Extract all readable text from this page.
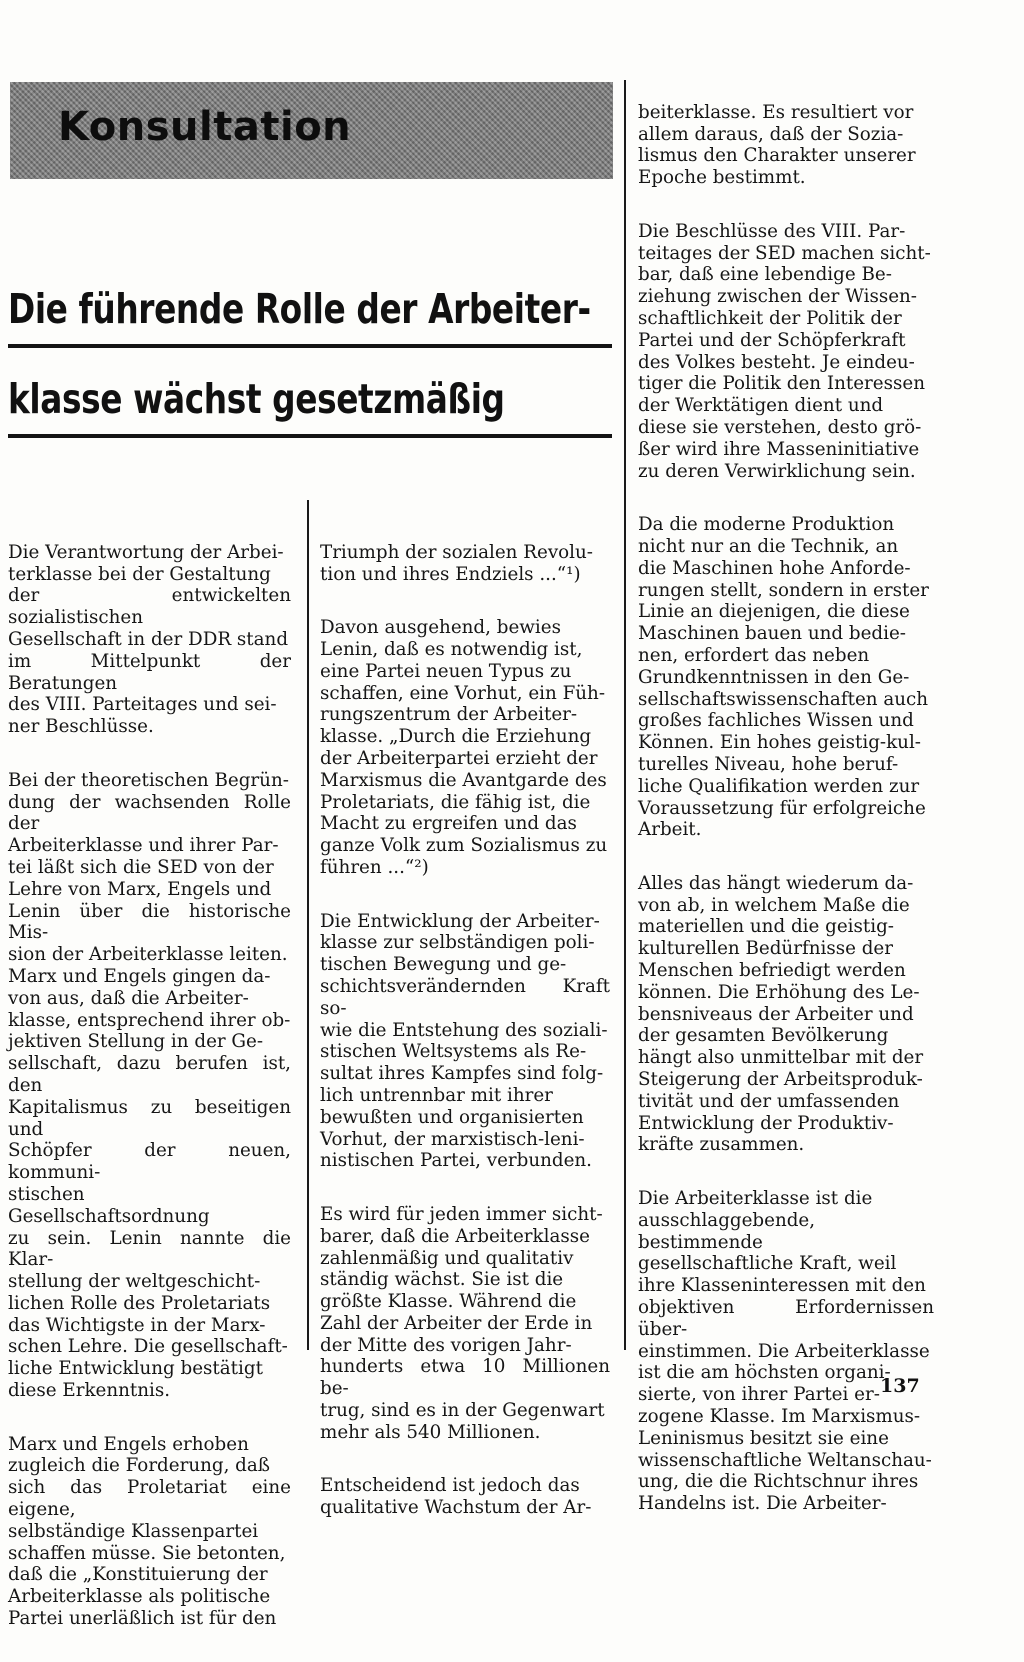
Konsultation
Die führende Rolle der Arbeiter-
klasse wächst gesetzmäßig

Die Verantwortung der Arbei-
terklasse bei der Gestaltung
der entwickelten sozialistischen
Gesellschaft in der DDR stand
im Mittelpunkt der Beratungen
des VIII. Parteitages und sei-
ner Beschlüsse.

Bei der theoretischen Begrün-
dung der wachsenden Rolle der
Arbeiterklasse und ihrer Par-
tei läßt sich die SED von der
Lehre von Marx, Engels und
Lenin über die historische Mis-
sion der Arbeiterklasse leiten.
Marx und Engels gingen da-
von aus, daß die Arbeiter-
klasse, entsprechend ihrer ob-
jektiven Stellung in der Ge-
sellschaft, dazu berufen ist, den
Kapitalismus zu beseitigen und
Schöpfer der neuen, kommuni-
stischen Gesellschaftsordnung
zu sein. Lenin nannte die Klar-
stellung der weltgeschicht-
lichen Rolle des Proletariats
das Wichtigste in der Marx-
schen Lehre. Die gesellschaft-
liche Entwicklung bestätigt
diese Erkenntnis.

Marx und Engels erhoben
zugleich die Forderung, daß
sich das Proletariat eine eigene,
selbständige Klassenpartei
schaffen müsse. Sie betonten,
daß die „Konstituierung der
Arbeiterklasse als politische
Partei unerläßlich ist für den

Triumph der sozialen Revolu-
tion und ihres Endziels ...“¹)

Davon ausgehend, bewies
Lenin, daß es notwendig ist,
eine Partei neuen Typus zu
schaffen, eine Vorhut, ein Füh-
rungszentrum der Arbeiter-
klasse. „Durch die Erziehung
der Arbeiterpartei erzieht der
Marxismus die Avantgarde des
Proletariats, die fähig ist, die
Macht zu ergreifen und das
ganze Volk zum Sozialismus zu
führen ...“²)

Die Entwicklung der Arbeiter-
klasse zur selbständigen poli-
tischen Bewegung und ge-
schichtsverändernden Kraft so-
wie die Entstehung des soziali-
stischen Weltsystems als Re-
sultat ihres Kampfes sind folg-
lich untrennbar mit ihrer
bewußten und organisierten
Vorhut, der marxistisch-leni-
nistischen Partei, verbunden.

Es wird für jeden immer sicht-
barer, daß die Arbeiterklasse
zahlenmäßig und qualitativ
ständig wächst. Sie ist die
größte Klasse. Während die
Zahl der Arbeiter der Erde in
der Mitte des vorigen Jahr-
hunderts etwa 10 Millionen be-
trug, sind es in der Gegenwart
mehr als 540 Millionen.

Entscheidend ist jedoch das
qualitative Wachstum der Ar-

beiterklasse. Es resultiert vor
allem daraus, daß der Sozia-
lismus den Charakter unserer
Epoche bestimmt.

Die Beschlüsse des VIII. Par-
teitages der SED machen sicht-
bar, daß eine lebendige Be-
ziehung zwischen der Wissen-
schaftlichkeit der Politik der
Partei und der Schöpferkraft
des Volkes besteht. Je eindeu-
tiger die Politik den Interessen
der Werktätigen dient und
diese sie verstehen, desto grö-
ßer wird ihre Masseninitiative
zu deren Verwirklichung sein.

Da die moderne Produktion
nicht nur an die Technik, an
die Maschinen hohe Anforde-
rungen stellt, sondern in erster
Linie an diejenigen, die diese
Maschinen bauen und bedie-
nen, erfordert das neben
Grundkenntnissen in den Ge-
sellschaftswissenschaften auch
großes fachliches Wissen und
Können. Ein hohes geistig-kul-
turelles Niveau, hohe beruf-
liche Qualifikation werden zur
Voraussetzung für erfolgreiche
Arbeit.

Alles das hängt wiederum da-
von ab, in welchem Maße die
materiellen und die geistig-
kulturellen Bedürfnisse der
Menschen befriedigt werden
können. Die Erhöhung des Le-
bensniveaus der Arbeiter und
der gesamten Bevölkerung
hängt also unmittelbar mit der
Steigerung der Arbeitsproduk-
tivität und der umfassenden
Entwicklung der Produktiv-
kräfte zusammen.

Die Arbeiterklasse ist die
ausschlaggebende, bestimmende
gesellschaftliche Kraft, weil
ihre Klasseninteressen mit den
objektiven Erfordernissen über-
einstimmen. Die Arbeiterklasse
ist die am höchsten organi-
sierte, von ihrer Partei er-
zogene Klasse. Im Marxismus-
Leninismus besitzt sie eine
wissenschaftliche Weltanschau-
ung, die die Richtschnur ihres
Handelns ist. Die Arbeiter-

137
